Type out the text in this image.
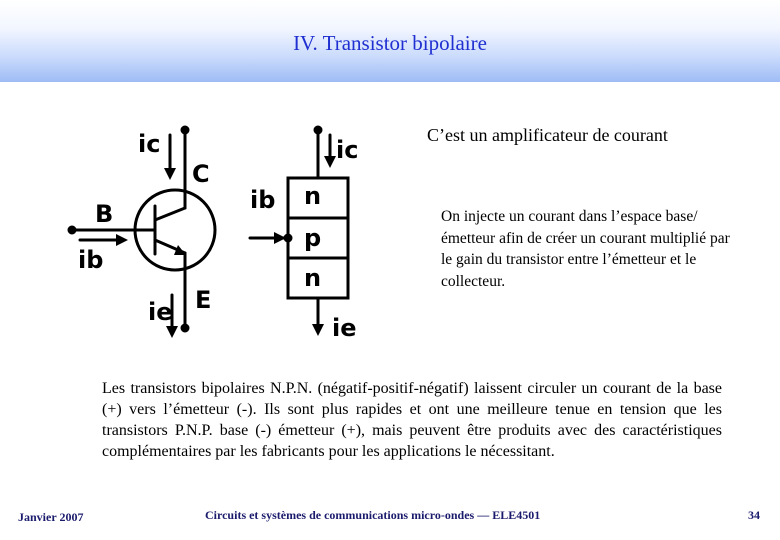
IV. Transistor bipolaire
ic
C
B
ib
ie E
n
p
n
ic
ib
ie
C’est un amplificateur de courant
On injecte un courant dans l’espace base/émetteur afin de créer un courant multiplié par le gain du transistor entre l’émetteur et le collecteur.
Les transistors bipolaires N.P.N. (négatif-positif-négatif) laissent circuler un courant de la base (+) vers l’émetteur (-). Ils sont plus rapides et ont une meilleure tenue en tension que les transistors P.N.P. base (-) émetteur (+), mais peuvent être produits avec des caractéristiques complémentaires par les fabricants pour les applications le nécessitant.
Janvier 2007	Circuits et systèmes de communications micro-ondes — ELE4501	34
